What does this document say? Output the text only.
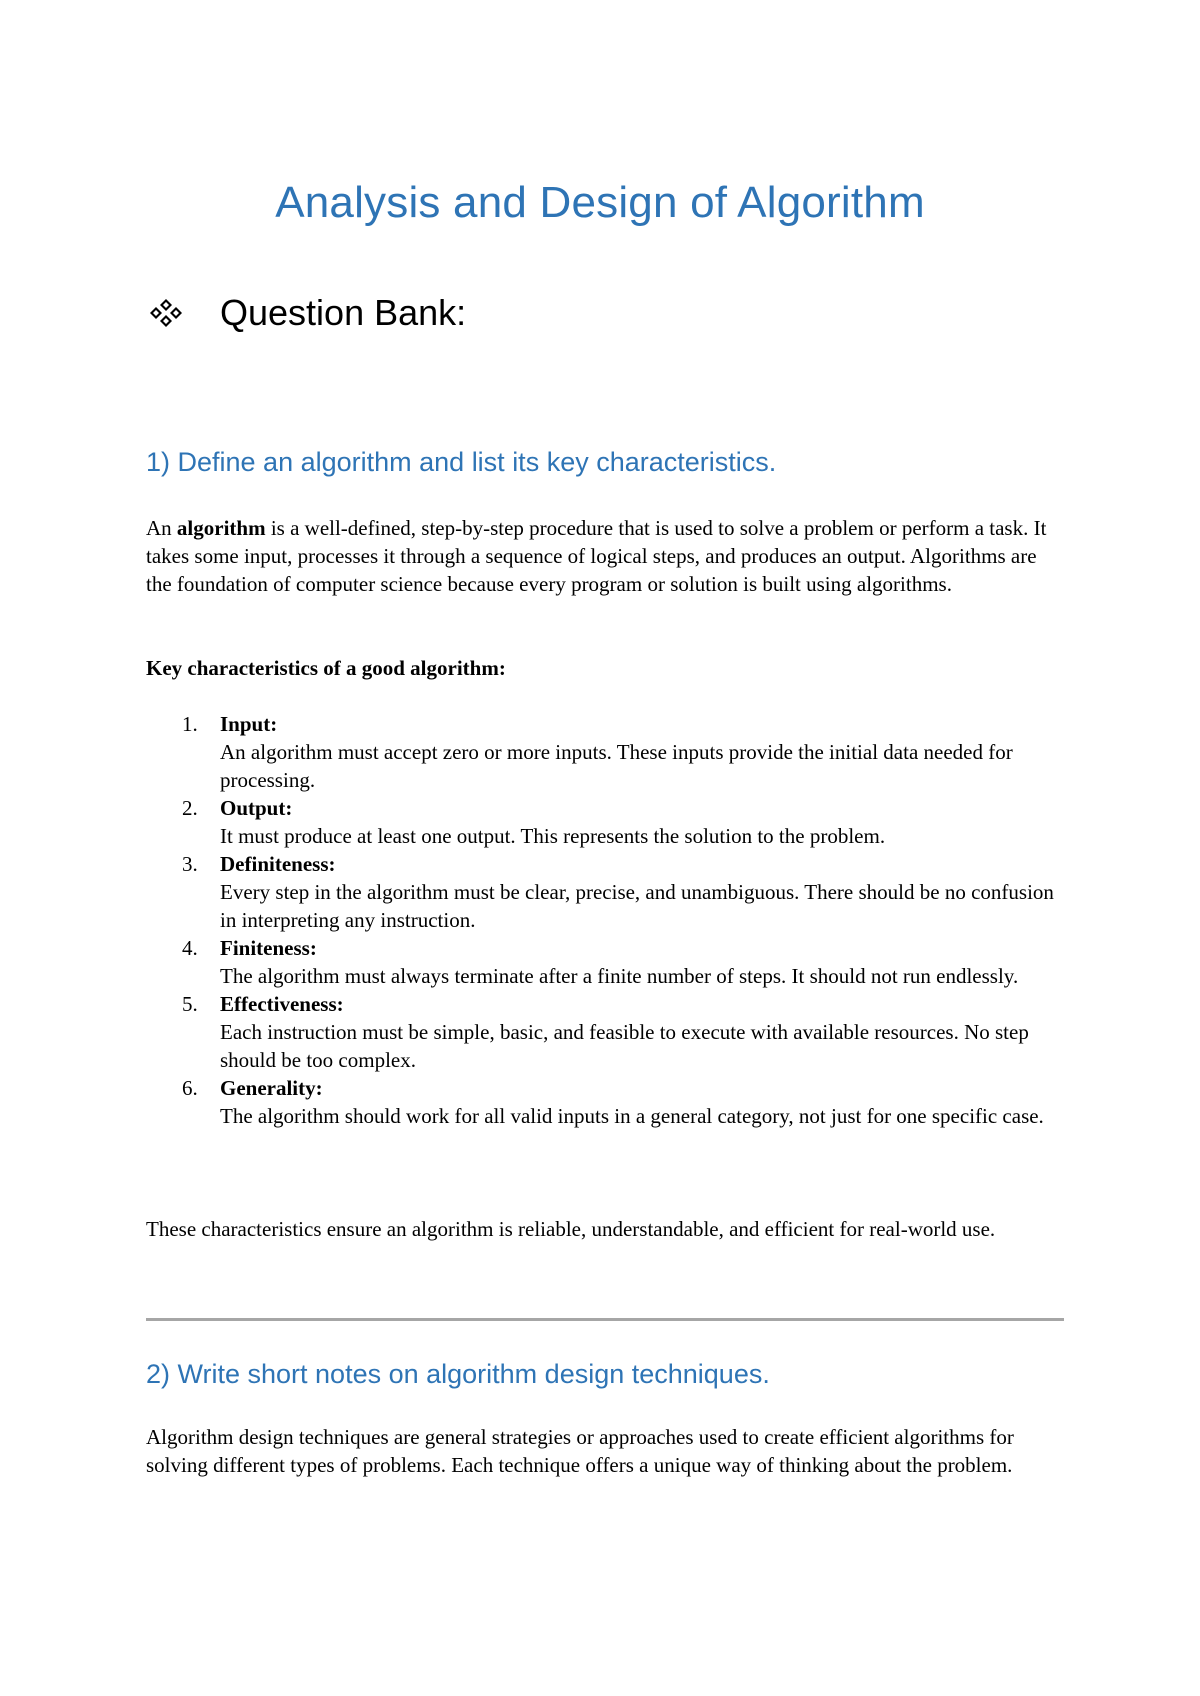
Analysis and Design of Algorithm
Question Bank:
1) Define an algorithm and list its key characteristics.

An algorithm is a well-defined, step-by-step procedure that is used to solve a problem or perform a task. It takes some input, processes it through a sequence of logical steps, and produces an output. Algorithms are the foundation of computer science because every program or solution is built using algorithms.

Key characteristics of a good algorithm:

1. Input:
An algorithm must accept zero or more inputs. These inputs provide the initial data needed for processing.
2. Output:
It must produce at least one output. This represents the solution to the problem.
3. Definiteness:
Every step in the algorithm must be clear, precise, and unambiguous. There should be no confusion in interpreting any instruction.
4. Finiteness:
The algorithm must always terminate after a finite number of steps. It should not run endlessly.
5. Effectiveness:
Each instruction must be simple, basic, and feasible to execute with available resources. No step should be too complex.
6. Generality:
The algorithm should work for all valid inputs in a general category, not just for one specific case.

These characteristics ensure an algorithm is reliable, understandable, and efficient for real-world use.

2) Write short notes on algorithm design techniques.

Algorithm design techniques are general strategies or approaches used to create efficient algorithms for solving different types of problems. Each technique offers a unique way of thinking about the problem.
